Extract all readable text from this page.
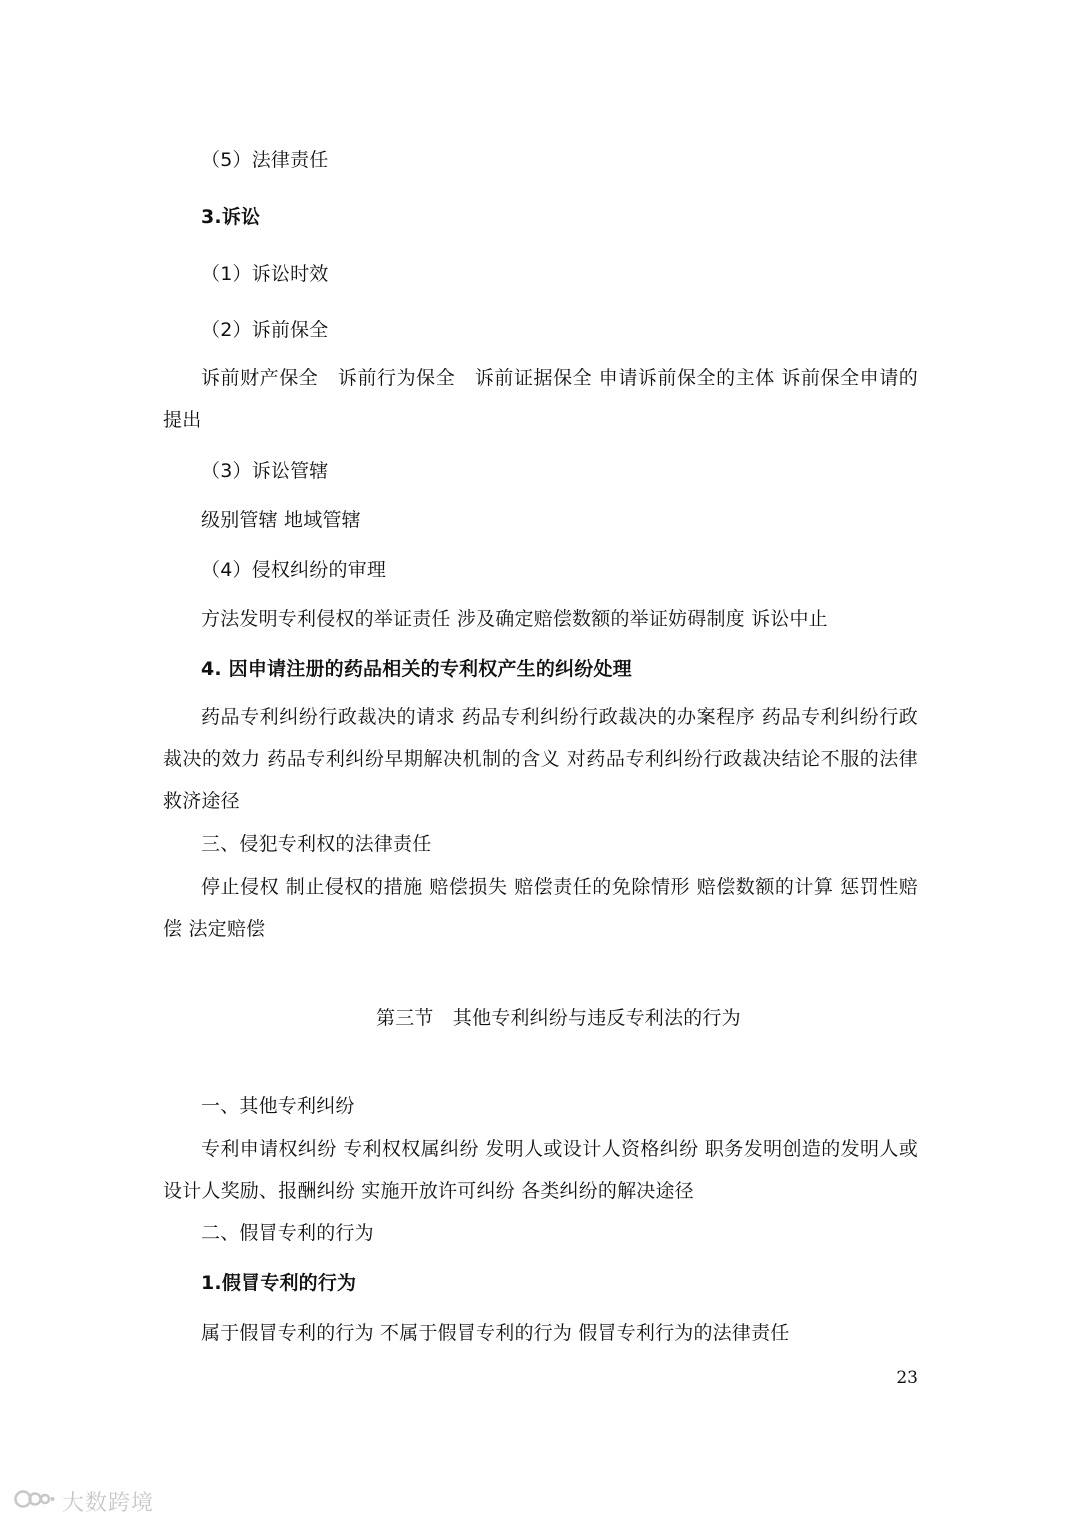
（5）法律责任

3.诉讼

（1）诉讼时效

（2）诉前保全

诉前财产保全　诉前行为保全　诉前证据保全 申请诉前保全的主体 诉前保全申请的提出

（3）诉讼管辖

级别管辖 地域管辖

（4）侵权纠纷的审理

方法发明专利侵权的举证责任 涉及确定赔偿数额的举证妨碍制度 诉讼中止

4. 因申请注册的药品相关的专利权产生的纠纷处理

药品专利纠纷行政裁决的请求 药品专利纠纷行政裁决的办案程序 药品专利纠纷行政裁决的效力 药品专利纠纷早期解决机制的含义 对药品专利纠纷行政裁决结论不服的法律救济途径

三、侵犯专利权的法律责任

停止侵权 制止侵权的措施 赔偿损失 赔偿责任的免除情形 赔偿数额的计算 惩罚性赔偿 法定赔偿

第三节　其他专利纠纷与违反专利法的行为

一、其他专利纠纷

专利申请权纠纷 专利权权属纠纷 发明人或设计人资格纠纷 职务发明创造的发明人或设计人奖励、报酬纠纷 实施开放许可纠纷 各类纠纷的解决途径

二、假冒专利的行为

1.假冒专利的行为

属于假冒专利的行为 不属于假冒专利的行为 假冒专利行为的法律责任

23
大数跨境
